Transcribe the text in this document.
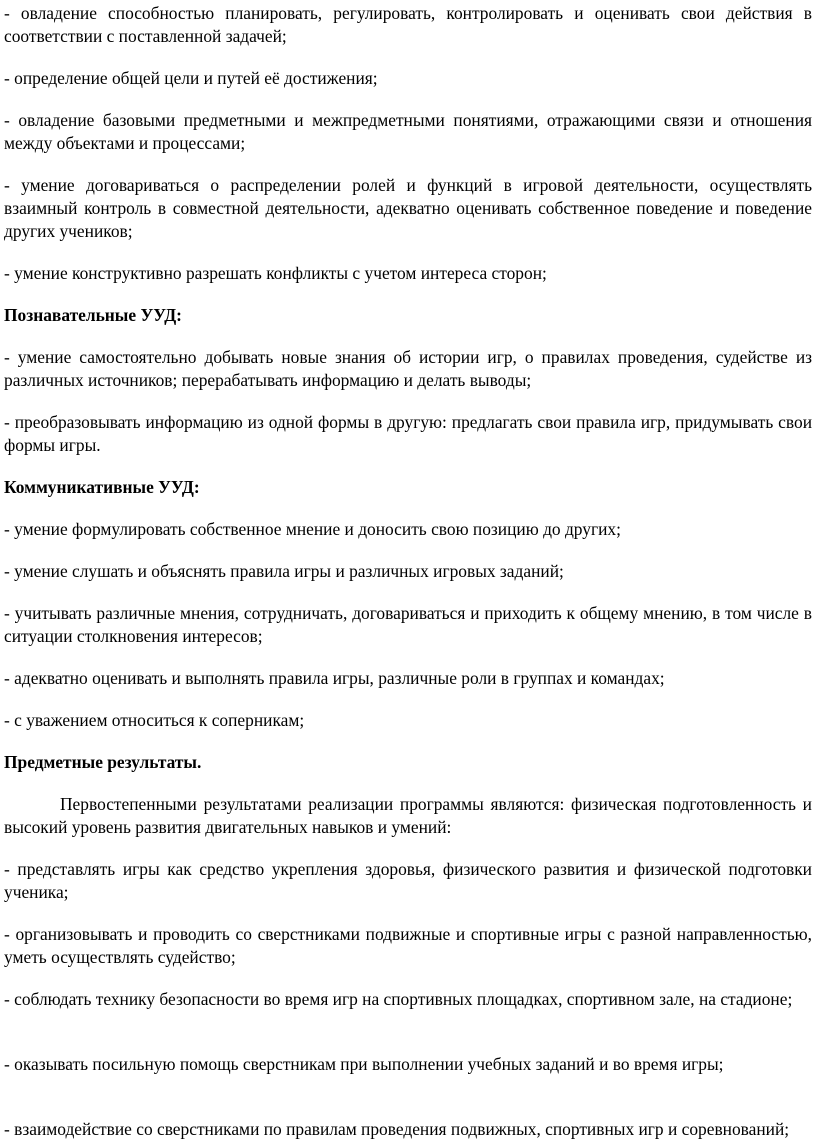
- овладение способностью планировать, регулировать, контролировать и оценивать свои действия в соответствии с поставленной задачей;

- определение общей цели и путей её достижения;

- овладение базовыми предметными и межпредметными понятиями, отражающими связи и отношения между объектами и процессами;

- умение договариваться о распределении ролей и функций в игровой деятельности, осуществлять взаимный контроль в совместной деятельности, адекватно оценивать собственное поведение и поведение других учеников;

- умение конструктивно разрешать конфликты с учетом интереса сторон;

Познавательные УУД:

- умение самостоятельно добывать новые знания об истории игр, о правилах проведения, судействе из различных источников; перерабатывать информацию и делать выводы;

- преобразовывать информацию из одной формы в другую: предлагать свои правила игр, придумывать свои формы игры.

Коммуникативные УУД:

- умение формулировать собственное мнение и доносить свою позицию до других;

- умение слушать и объяснять правила игры и различных игровых заданий;

- учитывать различные мнения, сотрудничать, договариваться и приходить к общему мнению, в том числе в ситуации столкновения интересов;

- адекватно оценивать и выполнять правила игры, различные роли в группах и командах;

- с уважением относиться к соперникам;

Предметные результаты.

Первостепенными результатами реализации программы являются: физическая подготовленность и высокий уровень развития двигательных навыков и умений:

- представлять игры как средство укрепления здоровья, физического развития и физической подготовки ученика;

- организовывать и проводить со сверстниками подвижные и спортивные игры с разной направленностью, уметь осуществлять судейство;

- соблюдать технику безопасности во время игр на спортивных площадках, спортивном зале, на стадионе;

- оказывать посильную помощь сверстникам при выполнении учебных заданий и во время игры;

- взаимодействие со сверстниками по правилам проведения подвижных, спортивных игр и соревнований;
